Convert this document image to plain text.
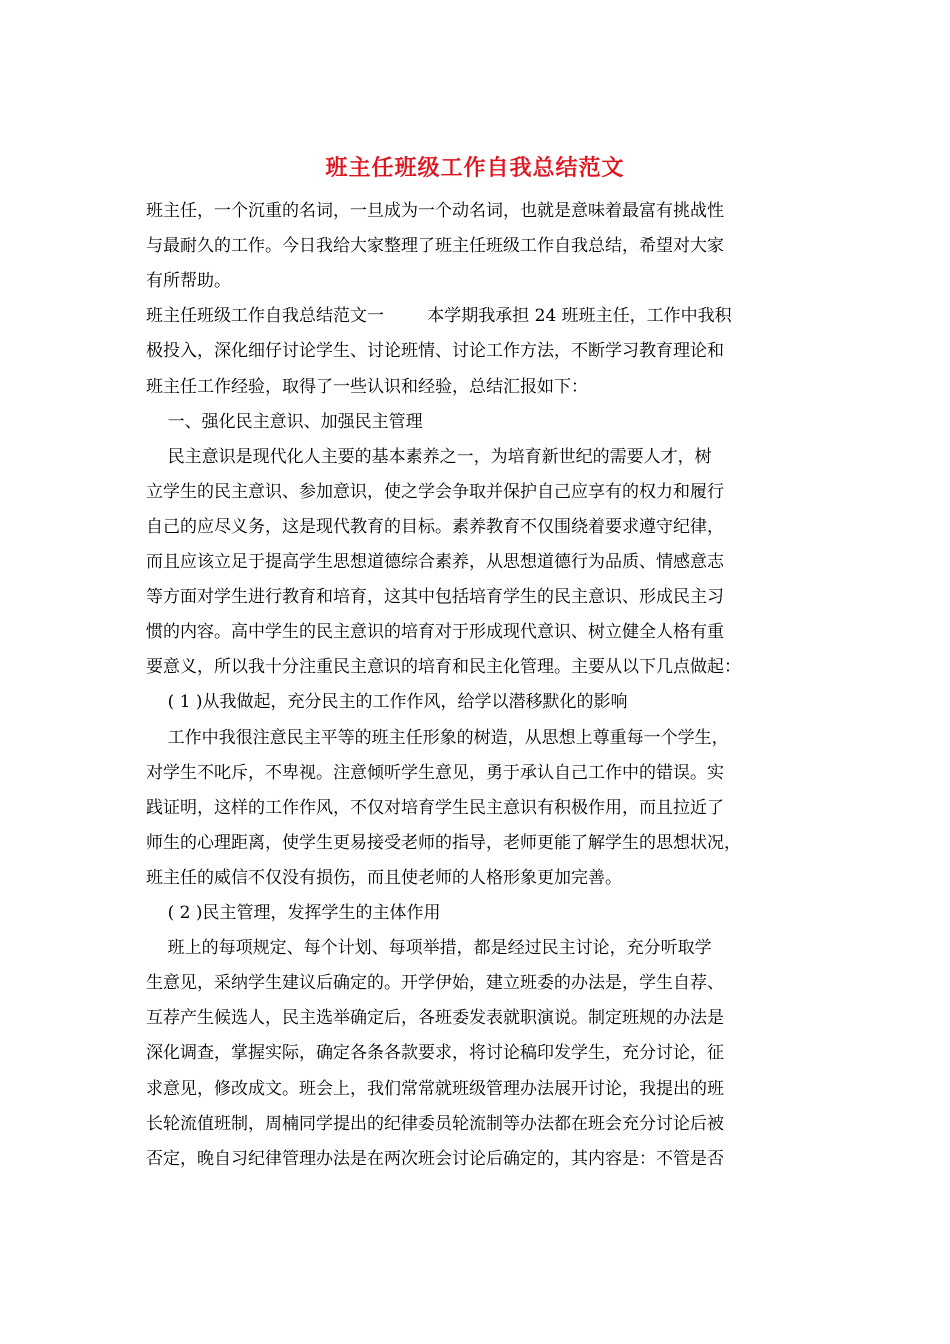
班主任班级工作自我总结范文
班主任，一个沉重的名词，一旦成为一个动名词，也就是意味着最富有挑战性
与最耐久的工作。今日我给大家整理了班主任班级工作自我总结，希望对大家
有所帮助。
班主任班级工作自我总结范文一        本学期我承担 24 班班主任，工作中我积
极投入，深化细仔讨论学生、讨论班情、讨论工作方法，不断学习教育理论和
班主任工作经验，取得了一些认识和经验，总结汇报如下：
一、强化民主意识、加强民主管理
民主意识是现代化人主要的基本素养之一，为培育新世纪的需要人才，树
立学生的民主意识、参加意识，使之学会争取并保护自己应享有的权力和履行
自己的应尽义务，这是现代教育的目标。素养教育不仅围绕着要求遵守纪律，
而且应该立足于提高学生思想道德综合素养，从思想道德行为品质、情感意志
等方面对学生进行教育和培育，这其中包括培育学生的民主意识、形成民主习
惯的内容。高中学生的民主意识的培育对于形成现代意识、树立健全人格有重
要意义，所以我十分注重民主意识的培育和民主化管理。主要从以下几点做起：
( 1 )从我做起，充分民主的工作作风，给学以潜移默化的影响
工作中我很注意民主平等的班主任形象的树造，从思想上尊重每一个学生，
对学生不叱斥，不卑视。注意倾听学生意见，勇于承认自己工作中的错误。实
践证明，这样的工作作风，不仅对培育学生民主意识有积极作用，而且拉近了
师生的心理距离，使学生更易接受老师的指导，老师更能了解学生的思想状况，
班主任的威信不仅没有损伤，而且使老师的人格形象更加完善。
( 2 )民主管理，发挥学生的主体作用
班上的每项规定、每个计划、每项举措，都是经过民主讨论，充分听取学
生意见，采纳学生建议后确定的。开学伊始，建立班委的办法是，学生自荐、
互荐产生候选人，民主选举确定后，各班委发表就职演说。制定班规的办法是
深化调查，掌握实际，确定各条各款要求，将讨论稿印发学生，充分讨论，征
求意见，修改成文。班会上，我们常常就班级管理办法展开讨论，我提出的班
长轮流值班制，周楠同学提出的纪律委员轮流制等办法都在班会充分讨论后被
否定，晚自习纪律管理办法是在两次班会讨论后确定的，其内容是：不管是否
